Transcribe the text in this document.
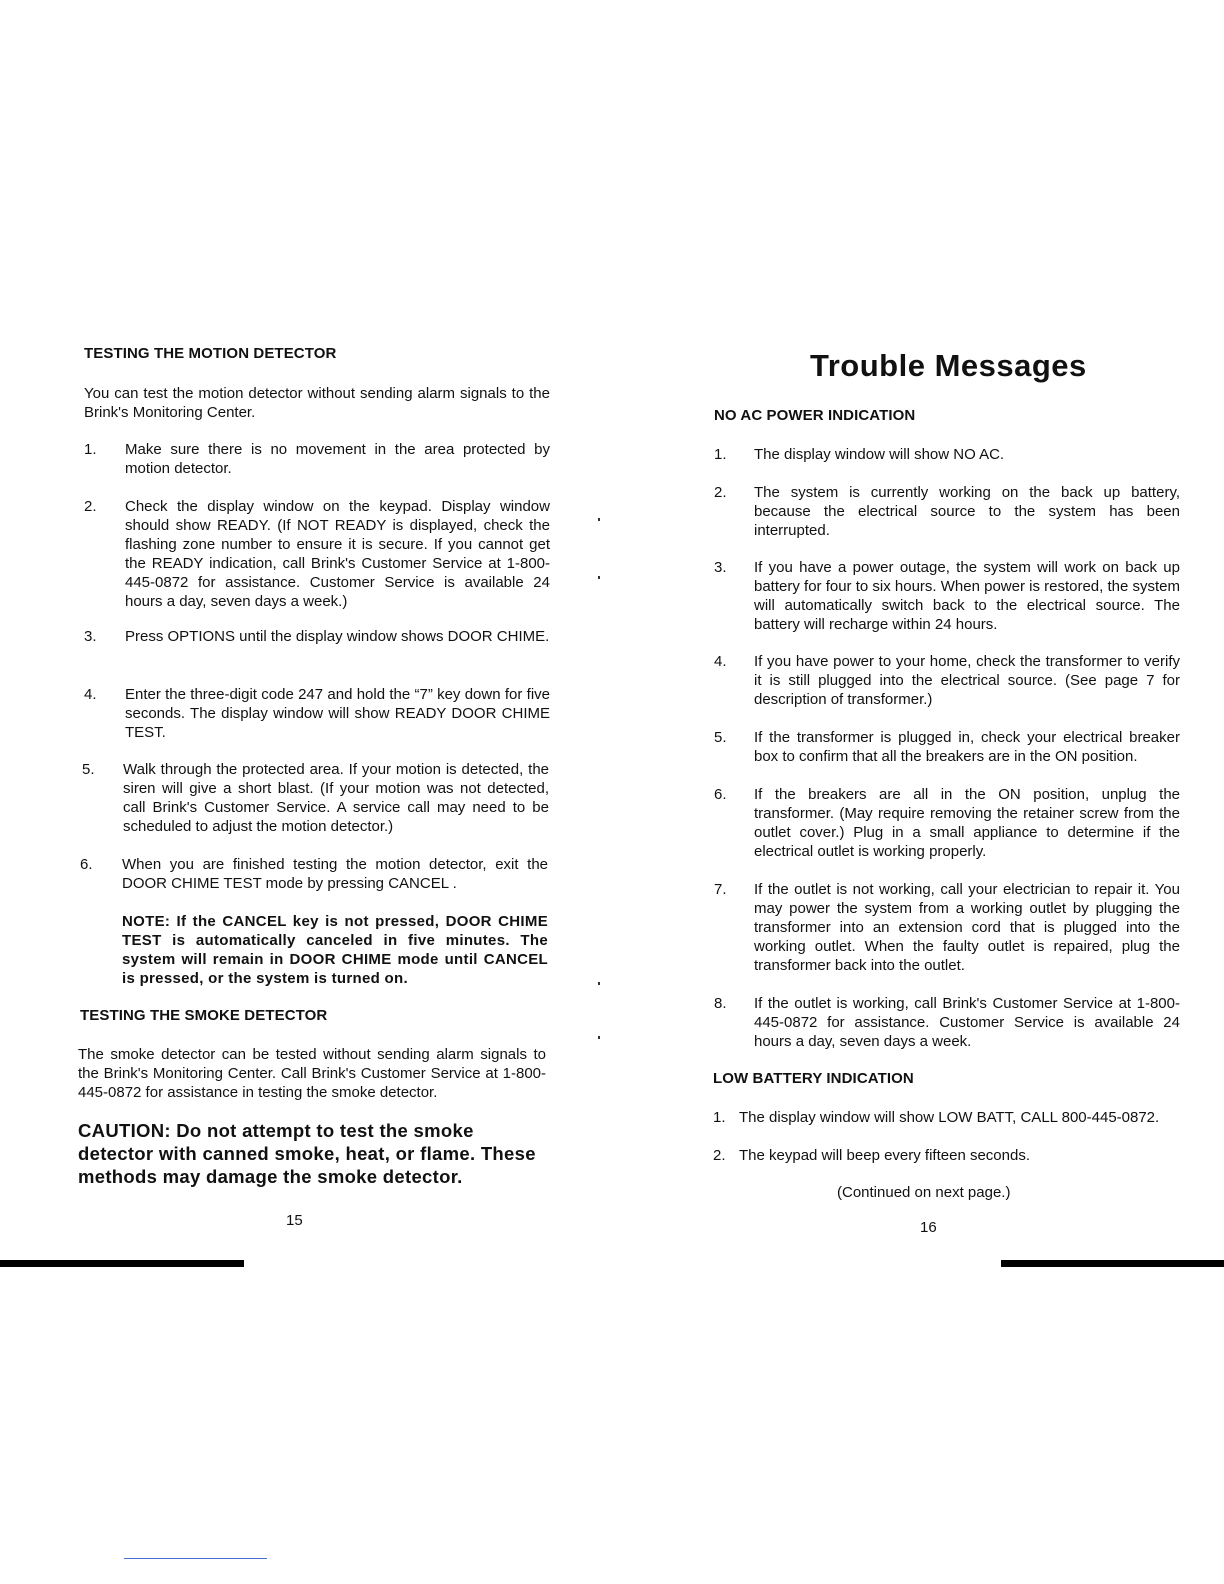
TESTING THE MOTION DETECTOR
You can test the motion detector without sending alarm signals to the Brink's Monitoring Center.
1. Make sure there is no movement in the area protected by motion detector.
2. Check the display window on the keypad. Display window should show READY. (If NOT READY is displayed, check the flashing zone number to ensure it is secure. If you cannot get the READY indication, call Brink's Customer Service at 1-800-445-0872 for assistance. Customer Service is available 24 hours a day, seven days a week.)
3. Press OPTIONS until the display window shows DOOR CHIME.
4. Enter the three-digit code 247 and hold the “7” key down for five seconds. The display window will show READY DOOR CHIME TEST.
5. Walk through the protected area. If your motion is detected, the siren will give a short blast. (If your motion was not detected, call Brink's Customer Service. A service call may need to be scheduled to adjust the motion detector.)
6. When you are finished testing the motion detector, exit the DOOR CHIME TEST mode by pressing CANCEL .
NOTE: If the CANCEL key is not pressed, DOOR CHIME TEST is automatically canceled in five minutes. The system will remain in DOOR CHIME mode until CANCEL is pressed, or the system is turned on.
TESTING THE SMOKE DETECTOR
The smoke detector can be tested without sending alarm signals to the Brink's Monitoring Center. Call Brink's Customer Service at 1-800-445-0872 for assistance in testing the smoke detector.
CAUTION: Do not attempt to test the smoke detector with canned smoke, heat, or flame. These methods may damage the smoke detector.
15
Trouble Messages
NO AC POWER INDICATION
1. The display window will show NO AC.
2. The system is currently working on the back up battery, because the electrical source to the system has been interrupted.
3. If you have a power outage, the system will work on back up battery for four to six hours. When power is restored, the system will automatically switch back to the electrical source. The battery will recharge within 24 hours.
4. If you have power to your home, check the transformer to verify it is still plugged into the electrical source. (See page 7 for description of transformer.)
5. If the transformer is plugged in, check your electrical breaker box to confirm that all the breakers are in the ON position.
6. If the breakers are all in the ON position, unplug the transformer. (May require removing the retainer screw from the outlet cover.) Plug in a small appliance to determine if the electrical outlet is working properly.
7. If the outlet is not working, call your electrician to repair it. You may power the system from a working outlet by plugging the transformer into an extension cord that is plugged into the working outlet. When the faulty outlet is repaired, plug the transformer back into the outlet.
8. If the outlet is working, call Brink's Customer Service at 1-800-445-0872 for assistance. Customer Service is available 24 hours a day, seven days a week.
LOW BATTERY INDICATION
1. The display window will show LOW BATT, CALL 800-445-0872.
2. The keypad will beep every fifteen seconds.
(Continued on next page.)
16
